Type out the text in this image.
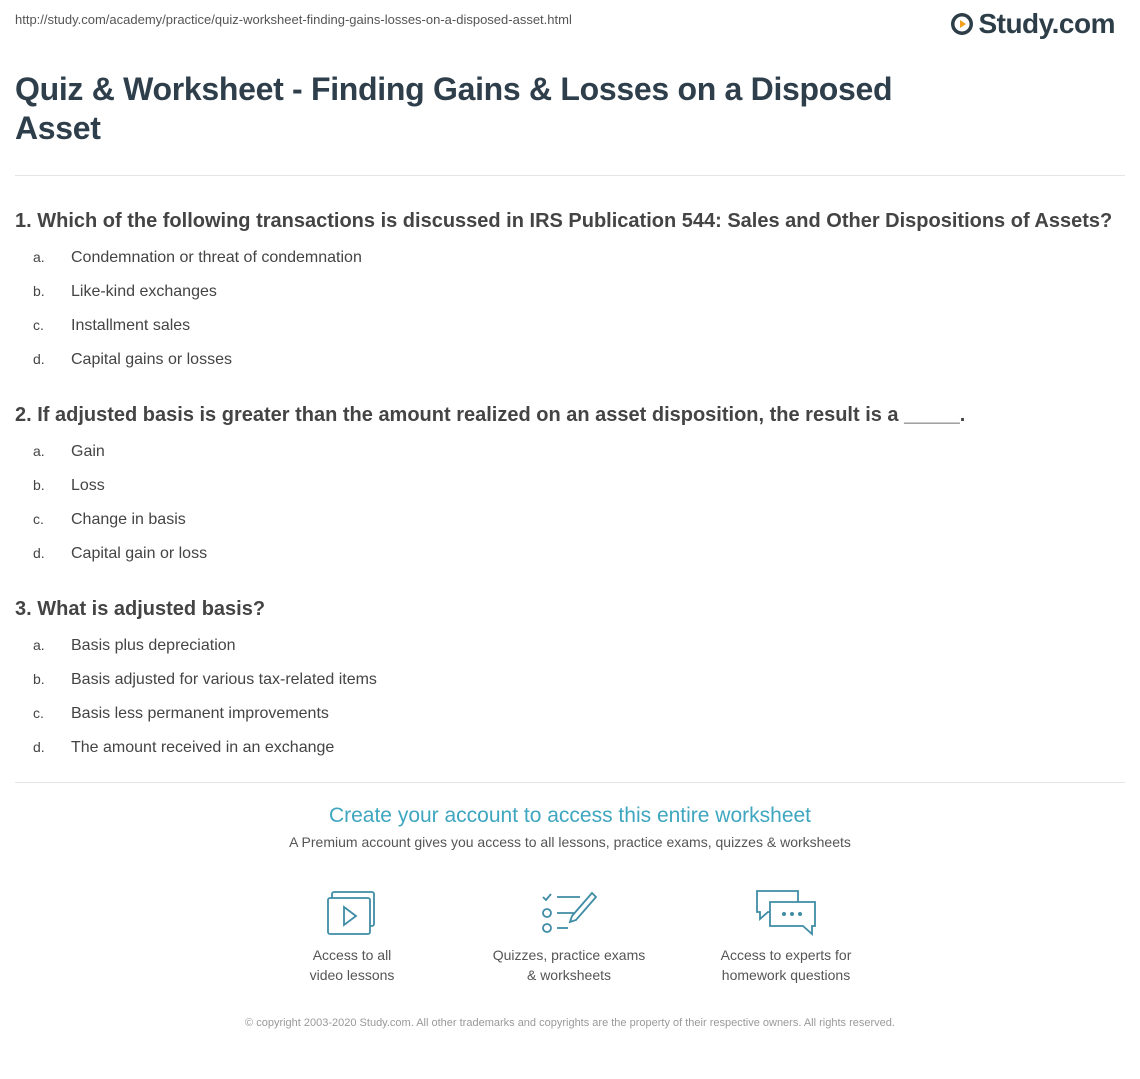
http://study.com/academy/practice/quiz-worksheet-finding-gains-losses-on-a-disposed-asset.html	Study.com
Quiz & Worksheet - Finding Gains & Losses on a Disposed Asset
1. Which of the following transactions is discussed in IRS Publication 544: Sales and Other Dispositions of Assets?
a.	Condemnation or threat of condemnation
b.	Like-kind exchanges
c.	Installment sales
d.	Capital gains or losses
2. If adjusted basis is greater than the amount realized on an asset disposition, the result is a _____.
a.	Gain
b.	Loss
c.	Change in basis
d.	Capital gain or loss
3. What is adjusted basis?
a.	Basis plus depreciation
b.	Basis adjusted for various tax-related items
c.	Basis less permanent improvements
d.	The amount received in an exchange
Create your account to access this entire worksheet
A Premium account gives you access to all lessons, practice exams, quizzes & worksheets
Access to all
video lessons
Quizzes, practice exams
& worksheets
Access to experts for
homework questions
© copyright 2003-2020 Study.com. All other trademarks and copyrights are the property of their respective owners. All rights reserved.
